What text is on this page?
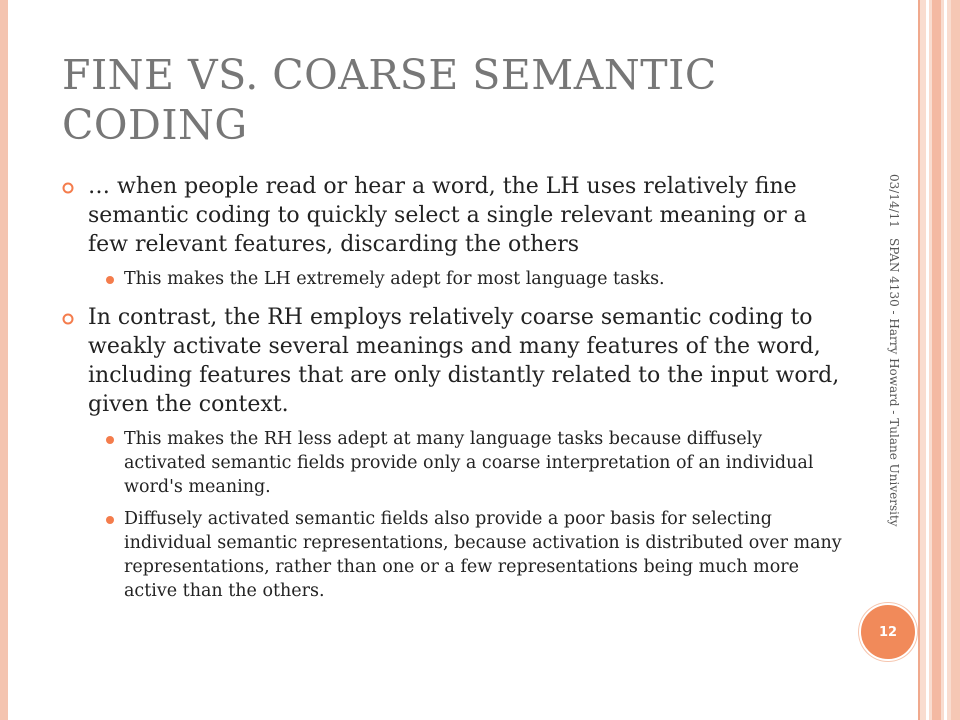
FINE VS. COARSE SEMANTIC CODING
… when people read or hear a word, the LH uses relatively fine semantic coding to quickly select a single relevant meaning or a few relevant features, discarding the others
This makes the LH extremely adept for most language tasks.
In contrast, the RH employs relatively coarse semantic coding to weakly activate several meanings and many features of the word, including features that are only distantly related to the input word, given the context.
This makes the RH less adept at many language tasks because diffusely activated semantic fields provide only a coarse interpretation of an individual word's meaning.
Diffusely activated semantic fields also provide a poor basis for selecting individual semantic representations, because activation is distributed over many representations, rather than one or a few representations being much more active than the others.
03/14/11
SPAN 4130 - Harry Howard - Tulane University
12
